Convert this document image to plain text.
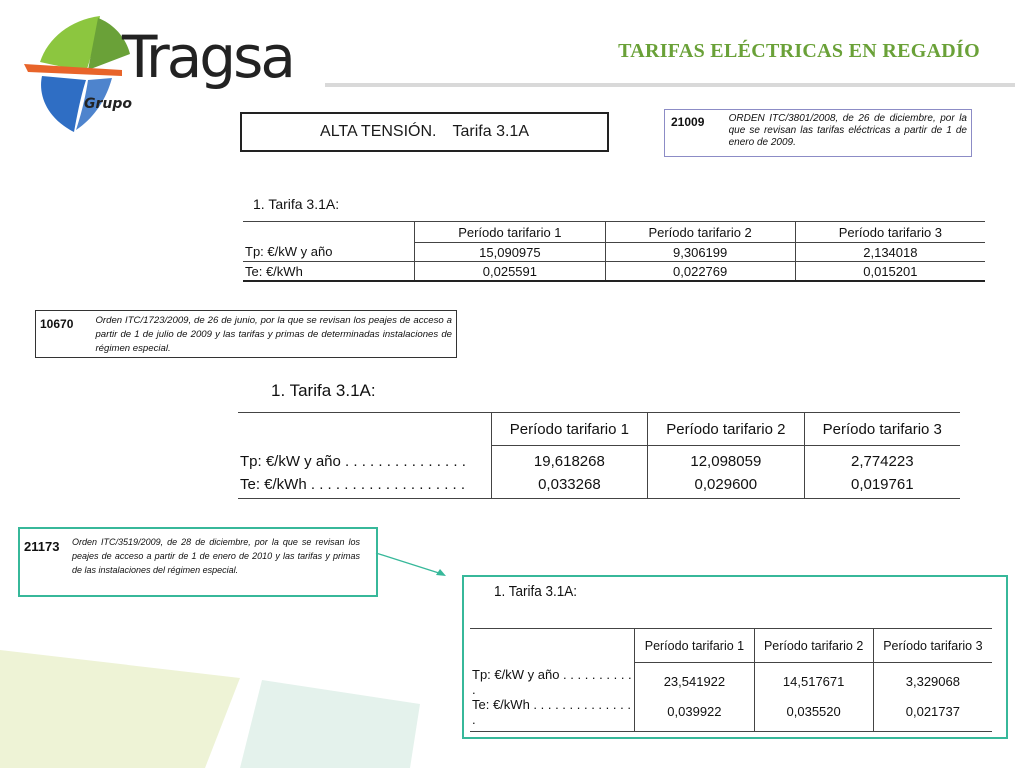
Tragsa
Grupo
TARIFAS ELÉCTRICAS EN REGADÍO
ALTA TENSIÓN. Tarifa 3.1A
21009	ORDEN ITC/3801/2008, de 26 de diciembre, por la que se revisan las tarifas eléctricas a partir de 1 de enero de 2009.
1. Tarifa 3.1A:
	Período tarifario 1	Período tarifario 2	Período tarifario 3
Tp: €/kW y año	15,090975	9,306199	2,134018
Te: €/kWh	0,025591	0,022769	0,015201
10670	Orden ITC/1723/2009, de 26 de junio, por la que se revisan los peajes de acceso a partir de 1 de julio de 2009 y las tarifas y primas de determinadas instalaciones de régimen especial.
1. Tarifa 3.1A:
	Período tarifario 1	Período tarifario 2	Período tarifario 3
Tp: €/kW y año . . . . . . . . . . . . . . .	19,618268	12,098059	2,774223
Te: €/kWh . . . . . . . . . . . . . . . . . . .	0,033268	0,029600	0,019761
21173	Orden ITC/3519/2009, de 28 de diciembre, por la que se revisan los peajes de acceso a partir de 1 de enero de 2010 y las tarifas y primas de las instalaciones del régimen especial.
1. Tarifa 3.1A:
	Período tarifario 1	Período tarifario 2	Período tarifario 3
Tp: €/kW y año . . . . . . . . . . .	23,541922	14,517671	3,329068
Te: €/kWh . . . . . . . . . . . . . . .	0,039922	0,035520	0,021737
